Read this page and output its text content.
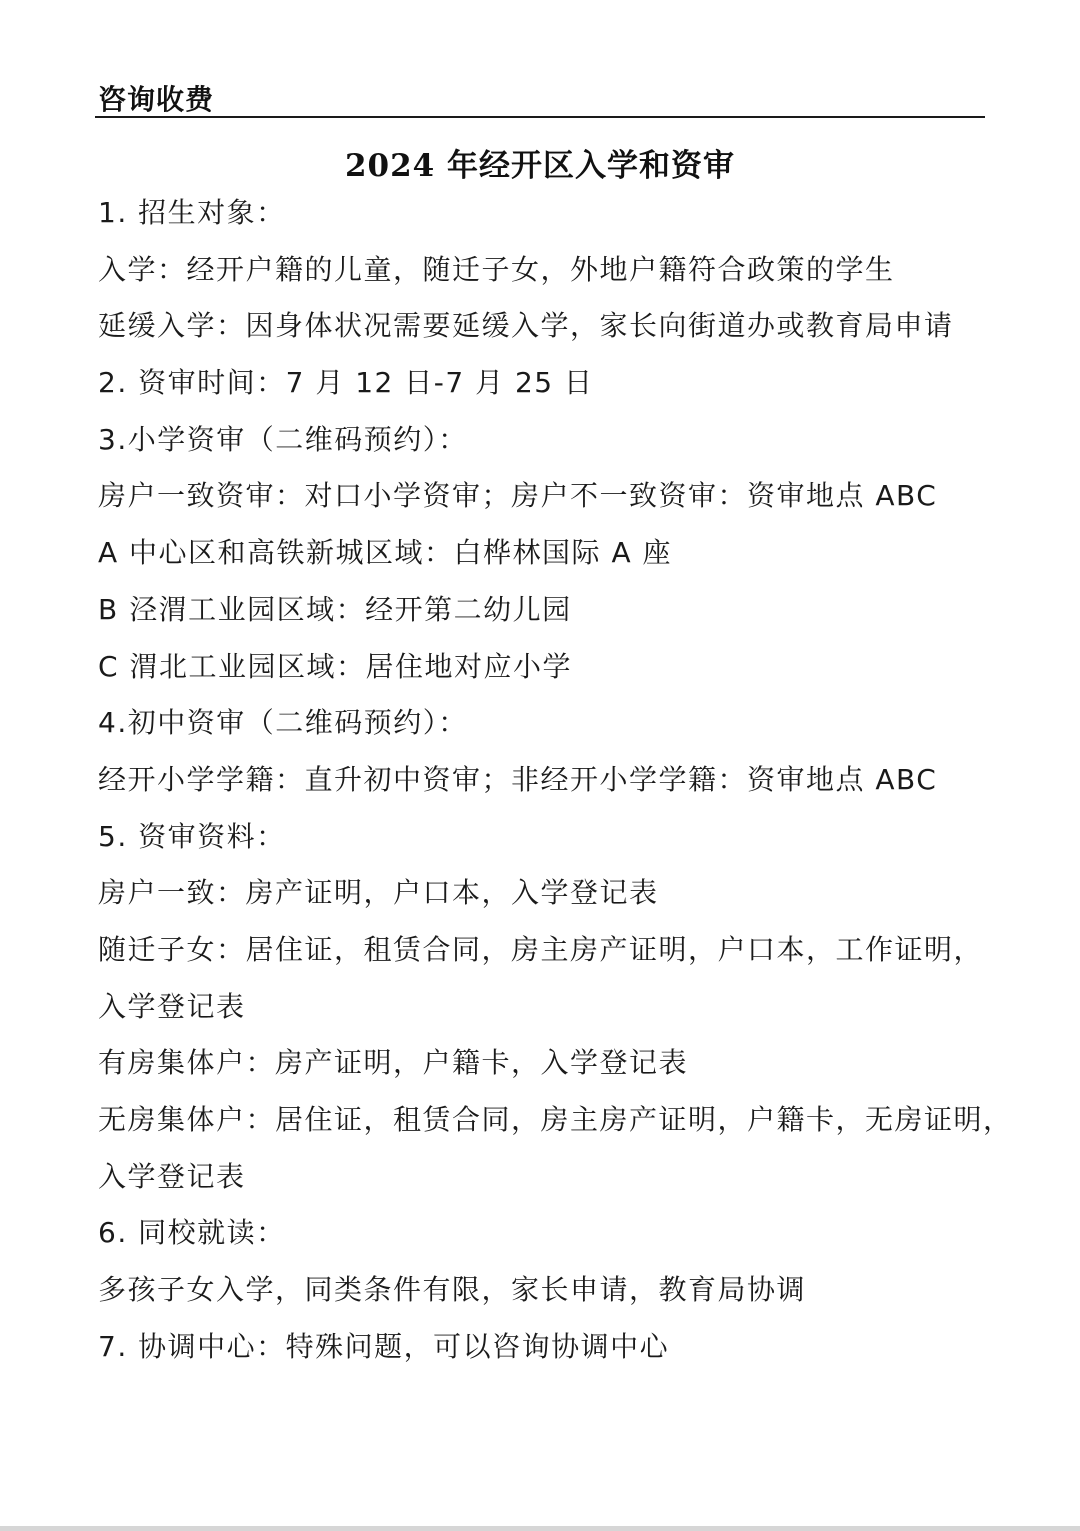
咨询收费
2024 年经开区入学和资审
1. 招生对象：
入学：经开户籍的儿童，随迁子女，外地户籍符合政策的学生
延缓入学：因身体状况需要延缓入学，家长向街道办或教育局申请
2. 资审时间：7 月 12 日-7 月 25 日
3.小学资审（二维码预约）：
房户一致资审：对口小学资审；房户不一致资审：资审地点 ABC
A 中心区和高铁新城区域：白桦林国际 A 座
B 泾渭工业园区域：经开第二幼儿园
C 渭北工业园区域：居住地对应小学
4.初中资审（二维码预约）：
经开小学学籍：直升初中资审；非经开小学学籍：资审地点 ABC
5. 资审资料：
房户一致：房产证明，户口本，入学登记表
随迁子女：居住证，租赁合同，房主房产证明，户口本，工作证明，
入学登记表
有房集体户：房产证明，户籍卡，入学登记表
无房集体户：居住证，租赁合同，房主房产证明，户籍卡，无房证明，
入学登记表
6. 同校就读：
多孩子女入学，同类条件有限，家长申请，教育局协调
7. 协调中心：特殊问题，可以咨询协调中心
